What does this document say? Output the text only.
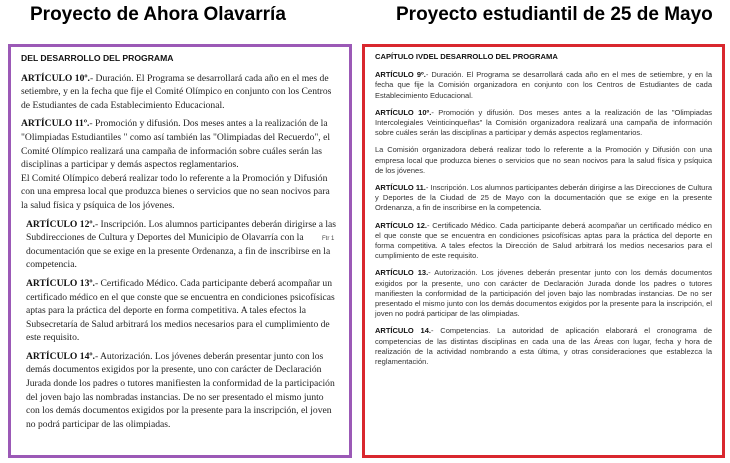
Proyecto de Ahora Olavarría	Proyecto estudiantil de 25 de Mayo
DEL DESARROLLO DEL PROGRAMA

ARTÍCULO 10º.- Duración. El Programa se desarrollará cada año en el mes de setiembre, y en la fecha que fije el Comité Olímpico en conjunto con los Centros de Estudiantes de cada Establecimiento Educacional.

ARTÍCULO 11º.- Promoción y difusión. Dos meses antes a la realización de la "Olimpiadas Estudiantiles " como así también las "Olimpiadas del Recuerdo", el Comité Olímpico realizará una campaña de información sobre cuáles serán las disciplinas a participar y demás aspectos reglamentarios.

El Comité Olímpico deberá realizar todo lo referente a la Promoción y Difusión con una empresa local que produzca bienes o servicios que no sean nocivos para la salud física y psíquica de los jóvenes.

ARTÍCULO 12º.- Inscripción. Los alumnos participantes deberán dirigirse a las Subdirecciones de Cultura y Deportes del Municipio de Olavarría con la documentación que se exige en la presente Ordenanza, a fin de inscribirse en la competencia.

ARTÍCULO 13º.- Certificado Médico. Cada participante deberá acompañar un certificado médico en el que conste que se encuentra en condiciones psicofísicas aptas para la práctica del deporte en forma competitiva. A tales efectos la Subsecretaría de Salud arbitrará los medios necesarios para el cumplimiento de este requisito.

ARTÍCULO 14º.- Autorización. Los jóvenes deberán presentar junto con los demás documentos exigidos por la presente, uno con carácter de Declaración Jurada donde los padres o tutores manifiesten la conformidad de la participación del joven bajo las nombradas instancias. De no ser presentado el mismo junto con los demás documentos exigidos por la presente para la inscripción, el joven no podrá participar de las olimpiadas.

Ftr 1
CAPÍTULO IVDEL DESARROLLO DEL PROGRAMA

ARTÍCULO 9º.- Duración. El Programa se desarrollará cada año en el mes de setiembre, y en la fecha que fije la Comisión organizadora en conjunto con los Centros de Estudiantes de cada Establecimiento Educacional.

ARTÍCULO 10º.- Promoción y difusión. Dos meses antes a la realización de las "Olimpiadas Intercolegiales Veinticinqueñas" la Comisión organizadora realizará una campaña de información sobre cuáles serán las disciplinas a participar y demás aspectos reglamentarios.

La Comisión organizadora deberá realizar todo lo referente a la Promoción y Difusión con una empresa local que produzca bienes o servicios que no sean nocivos para la salud física y psíquica de los jóvenes.

ARTÍCULO 11.- Inscripción. Los alumnos participantes deberán dirigirse a las Direcciones de Cultura y Deportes de la Ciudad de 25 de Mayo con la documentación que se exige en la presente Ordenanza, a fin de inscribirse en la competencia.

ARTÍCULO 12.- Certificado Médico. Cada participante deberá acompañar un certificado médico en el que conste que se encuentra en condiciones psicofísicas aptas para la práctica del deporte en forma competitiva. A tales efectos la Dirección de Salud arbitrará los medios necesarios para el cumplimiento de este requisito.

ARTÍCULO 13.- Autorización. Los jóvenes deberán presentar junto con los demás documentos exigidos por la presente, uno con carácter de Declaración Jurada donde los padres o tutores manifiesten la conformidad de la participación del joven bajo las nombradas instancias. De no ser presentado el mismo junto con los demás documentos exigidos por la presente para la inscripción, el joven no podrá participar de las olimpiadas.

ARTÍCULO 14.- Competencias. La autoridad de aplicación elaborará el cronograma de competencias de las distintas disciplinas en cada una de las Áreas con lugar, fecha y hora de realización de la actividad nombrando a esta última, y otras consideraciones que establezca la reglamentación.
